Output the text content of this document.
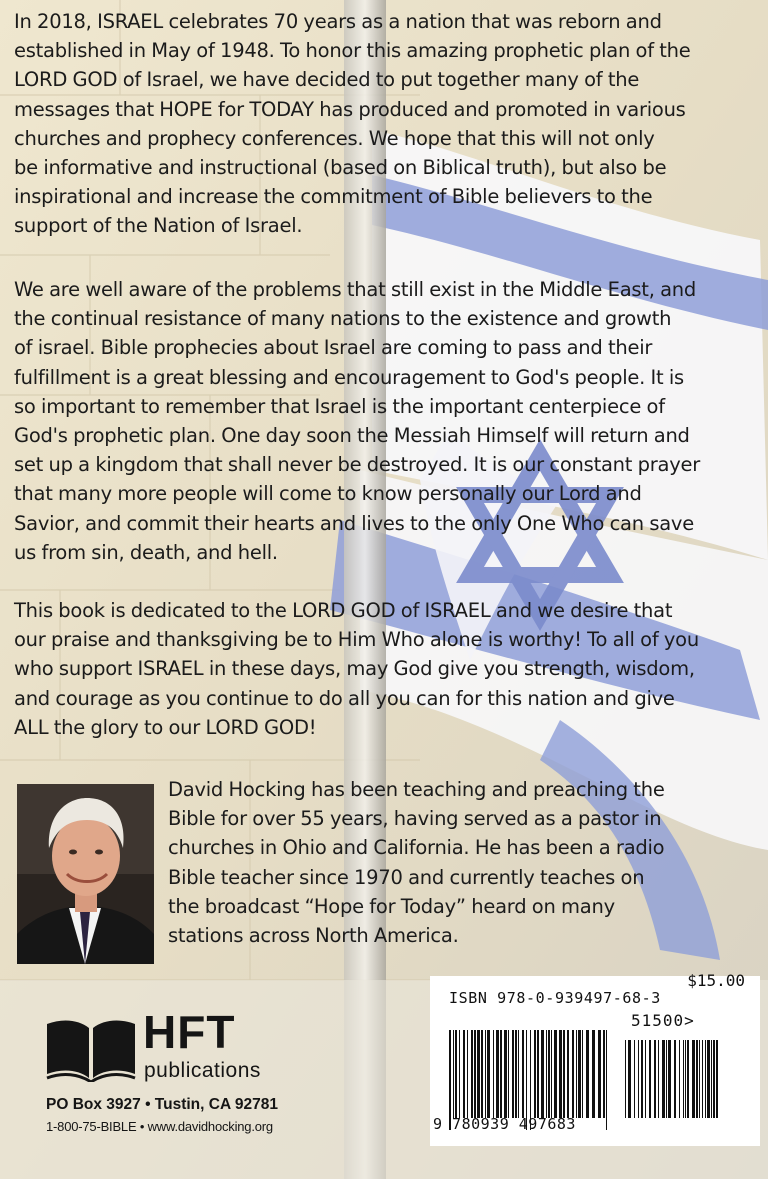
In 2018, ISRAEL celebrates 70 years as a nation that was reborn and
established in May of 1948. To honor this amazing prophetic plan of the
LORD GOD of Israel, we have decided to put together many of the
messages that HOPE for TODAY has produced and promoted in various
churches and prophecy conferences. We hope that this will not only
be informative and instructional (based on Biblical truth), but also be
inspirational and increase the commitment of Bible believers to the
support of the Nation of Israel.
We are well aware of the problems that still exist in the Middle East, and
the continual resistance of many nations to the existence and growth
of israel. Bible prophecies about Israel are coming to pass and their
fulfillment is a great blessing and encouragement to God's people. It is
so important to remember that Israel is the important centerpiece of
God's prophetic plan. One day soon the Messiah Himself will return and
set up a kingdom that shall never be destroyed. It is our constant prayer
that many more people will come to know personally our Lord and
Savior, and commit their hearts and lives to the only One Who can save
us from sin, death, and hell.
This book is dedicated to the LORD GOD of ISRAEL and we desire that
our praise and thanksgiving be to Him Who alone is worthy! To all of you
who support ISRAEL in these days, may God give you strength, wisdom,
and courage as you continue to do all you can for this nation and give
ALL the glory to our LORD GOD!
David Hocking has been teaching and preaching the
Bible for over 55 years, having served as a pastor in
churches in Ohio and California. He has been a radio
Bible teacher since 1970 and currently teaches on
the broadcast “Hope for Today” heard on many
stations across North America.
HFT
publications
PO Box 3927 • Tustin, CA 92781
1-800-75-BIBLE • www.davidhocking.org
$15.00
ISBN 978-0-939497-68-3
51500>
9 780939 497683
